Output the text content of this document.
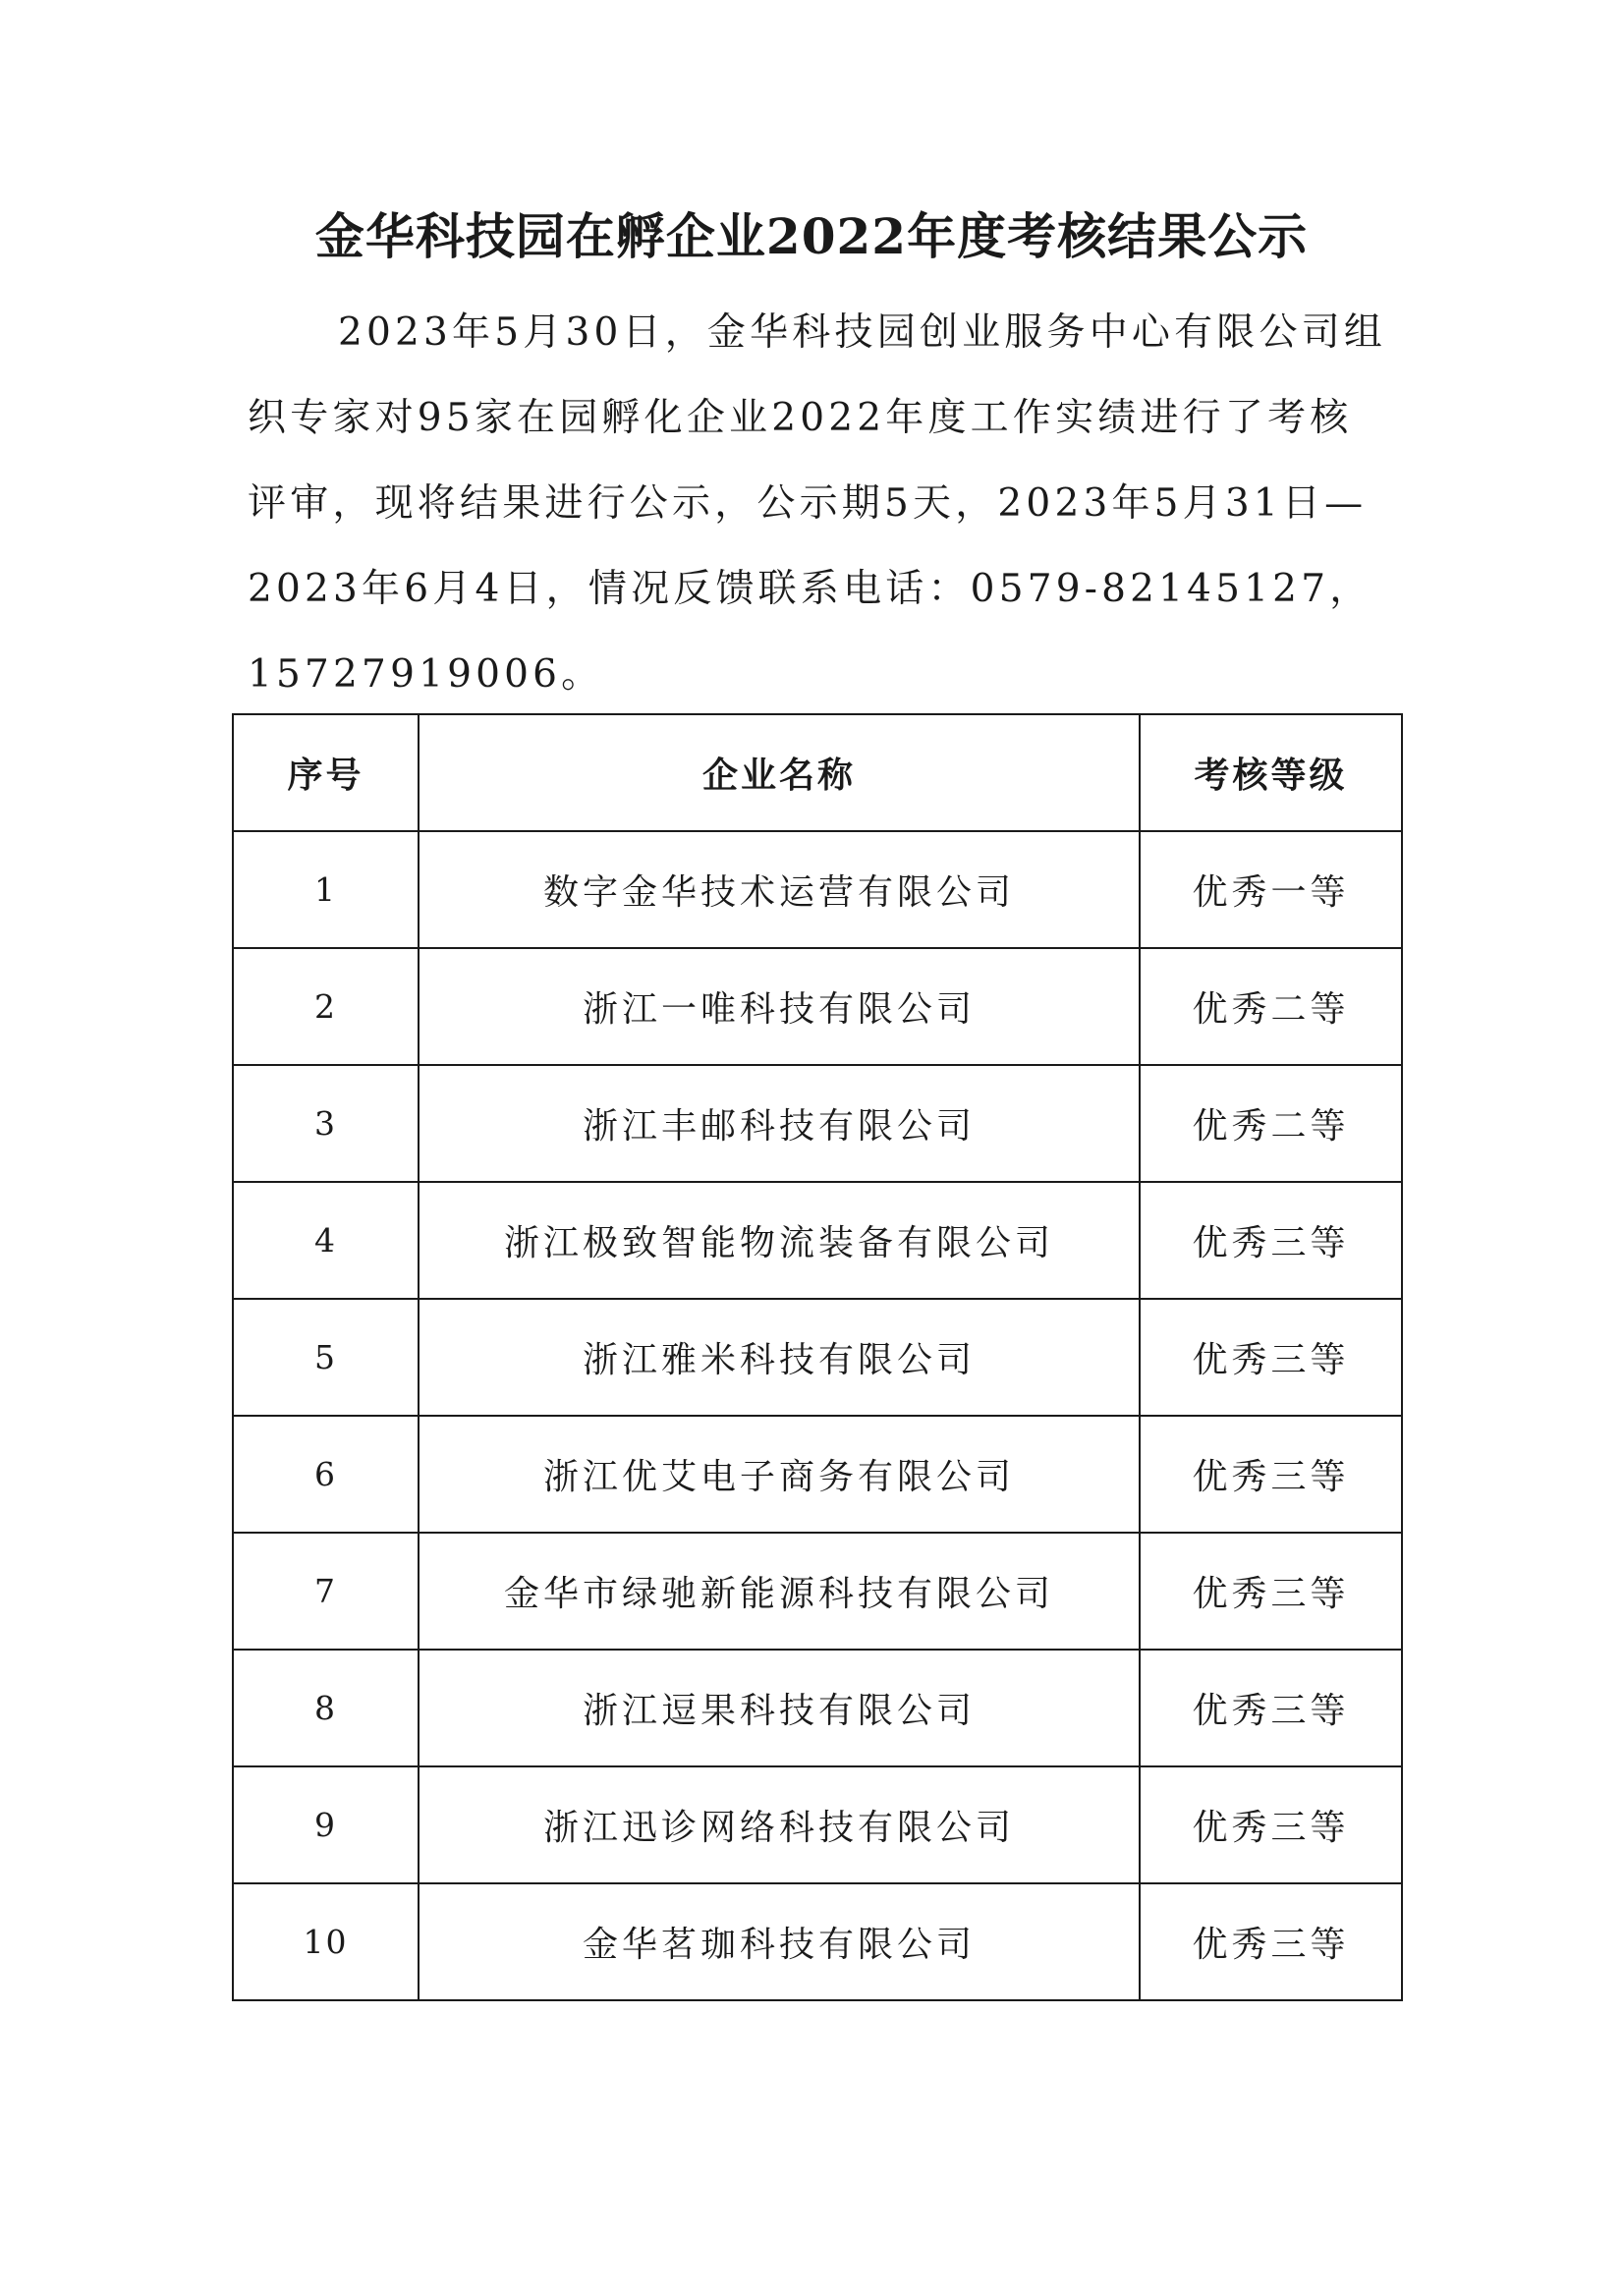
金华科技园在孵企业2022年度考核结果公示

2023年5月30日，金华科技园创业服务中心有限公司组织专家对95家在园孵化企业2022年度工作实绩进行了考核评审，现将结果进行公示，公示期5天，2023年5月31日—2023年6月4日，情况反馈联系电话：0579-82145127，15727919006。

序号	企业名称	考核等级
1	数字金华技术运营有限公司	优秀一等
2	浙江一唯科技有限公司	优秀二等
3	浙江丰邮科技有限公司	优秀二等
4	浙江极致智能物流装备有限公司	优秀三等
5	浙江雅米科技有限公司	优秀三等
6	浙江优艾电子商务有限公司	优秀三等
7	金华市绿驰新能源科技有限公司	优秀三等
8	浙江逗果科技有限公司	优秀三等
9	浙江迅诊网络科技有限公司	优秀三等
10	金华茗珈科技有限公司	优秀三等
